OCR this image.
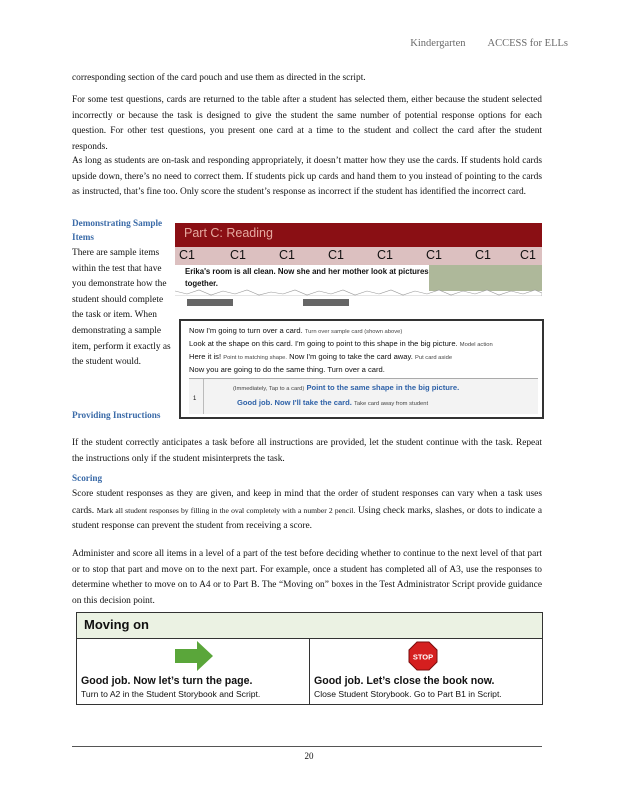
Kindergarten ACCESS for ELLs

corresponding section of the card pouch and use them as directed in the script.

For some test questions, cards are returned to the table after a student has selected them, either because the student selected incorrectly or because the task is designed to give the student the same number of potential response options for each question. For other test questions, you present one card at a time to the student and collect the card after the student responds.

As long as students are on-task and responding appropriately, it doesn’t matter how they use the cards. If students hold cards upside down, there’s no need to correct them. If students pick up cards and hand them to you instead of pointing to the cards as instructed, that’s fine too. Only score the student’s response as incorrect if the student has identified the incorrect card.

Demonstrating Sample Items

There are sample items within the test that have you demonstrate how the student should complete the task or item. When demonstrating a sample item, perform it exactly as the student would.

Part C: Reading
C1	C1	C1	C1	C1	C1	C1 C1
Erika's room is all clean. Now she and her mother look at pictures together.
Now I'm going to turn over a card. Turn over sample card (shown above)
Look at the shape on this card. I'm going to point to this shape in the big picture. Model action
Here it is! Point to matching shape. Now I'm going to take the card away. Put card aside
Now you are going to do the same thing. Turn over a card.
1
(Immediately, Tap to a card) Point to the same shape in the big picture.
Good job. Now I'll take the card. Take card away from student
Providing Instructions

If the student correctly anticipates a task before all instructions are provided, let the student continue with the task. Repeat the instructions only if the student misinterprets the task.

Scoring

Score student responses as they are given, and keep in mind that the order of student responses can vary when a task uses cards. Mark all student responses by filling in the oval completely with a number 2 pencil. Using check marks, slashes, or dots to indicate a student response can prevent the student from receiving a score.

Administer and score all items in a level of a part of the test before deciding whether to continue to the next level of that part or to stop that part and move on to the next part. For example, once a student has completed all of A3, use the responses to determine whether to move on to A4 or to Part B. The “Moving on” boxes in the Test Administrator Script provide guidance on this decision point.

Moving on
Good job. Now let’s turn the page.
Turn to A2 in the Student Storybook and Script.
STOP
Good job. Let’s close the book now.
Close Student Storybook. Go to Part B1 in Script.
20
